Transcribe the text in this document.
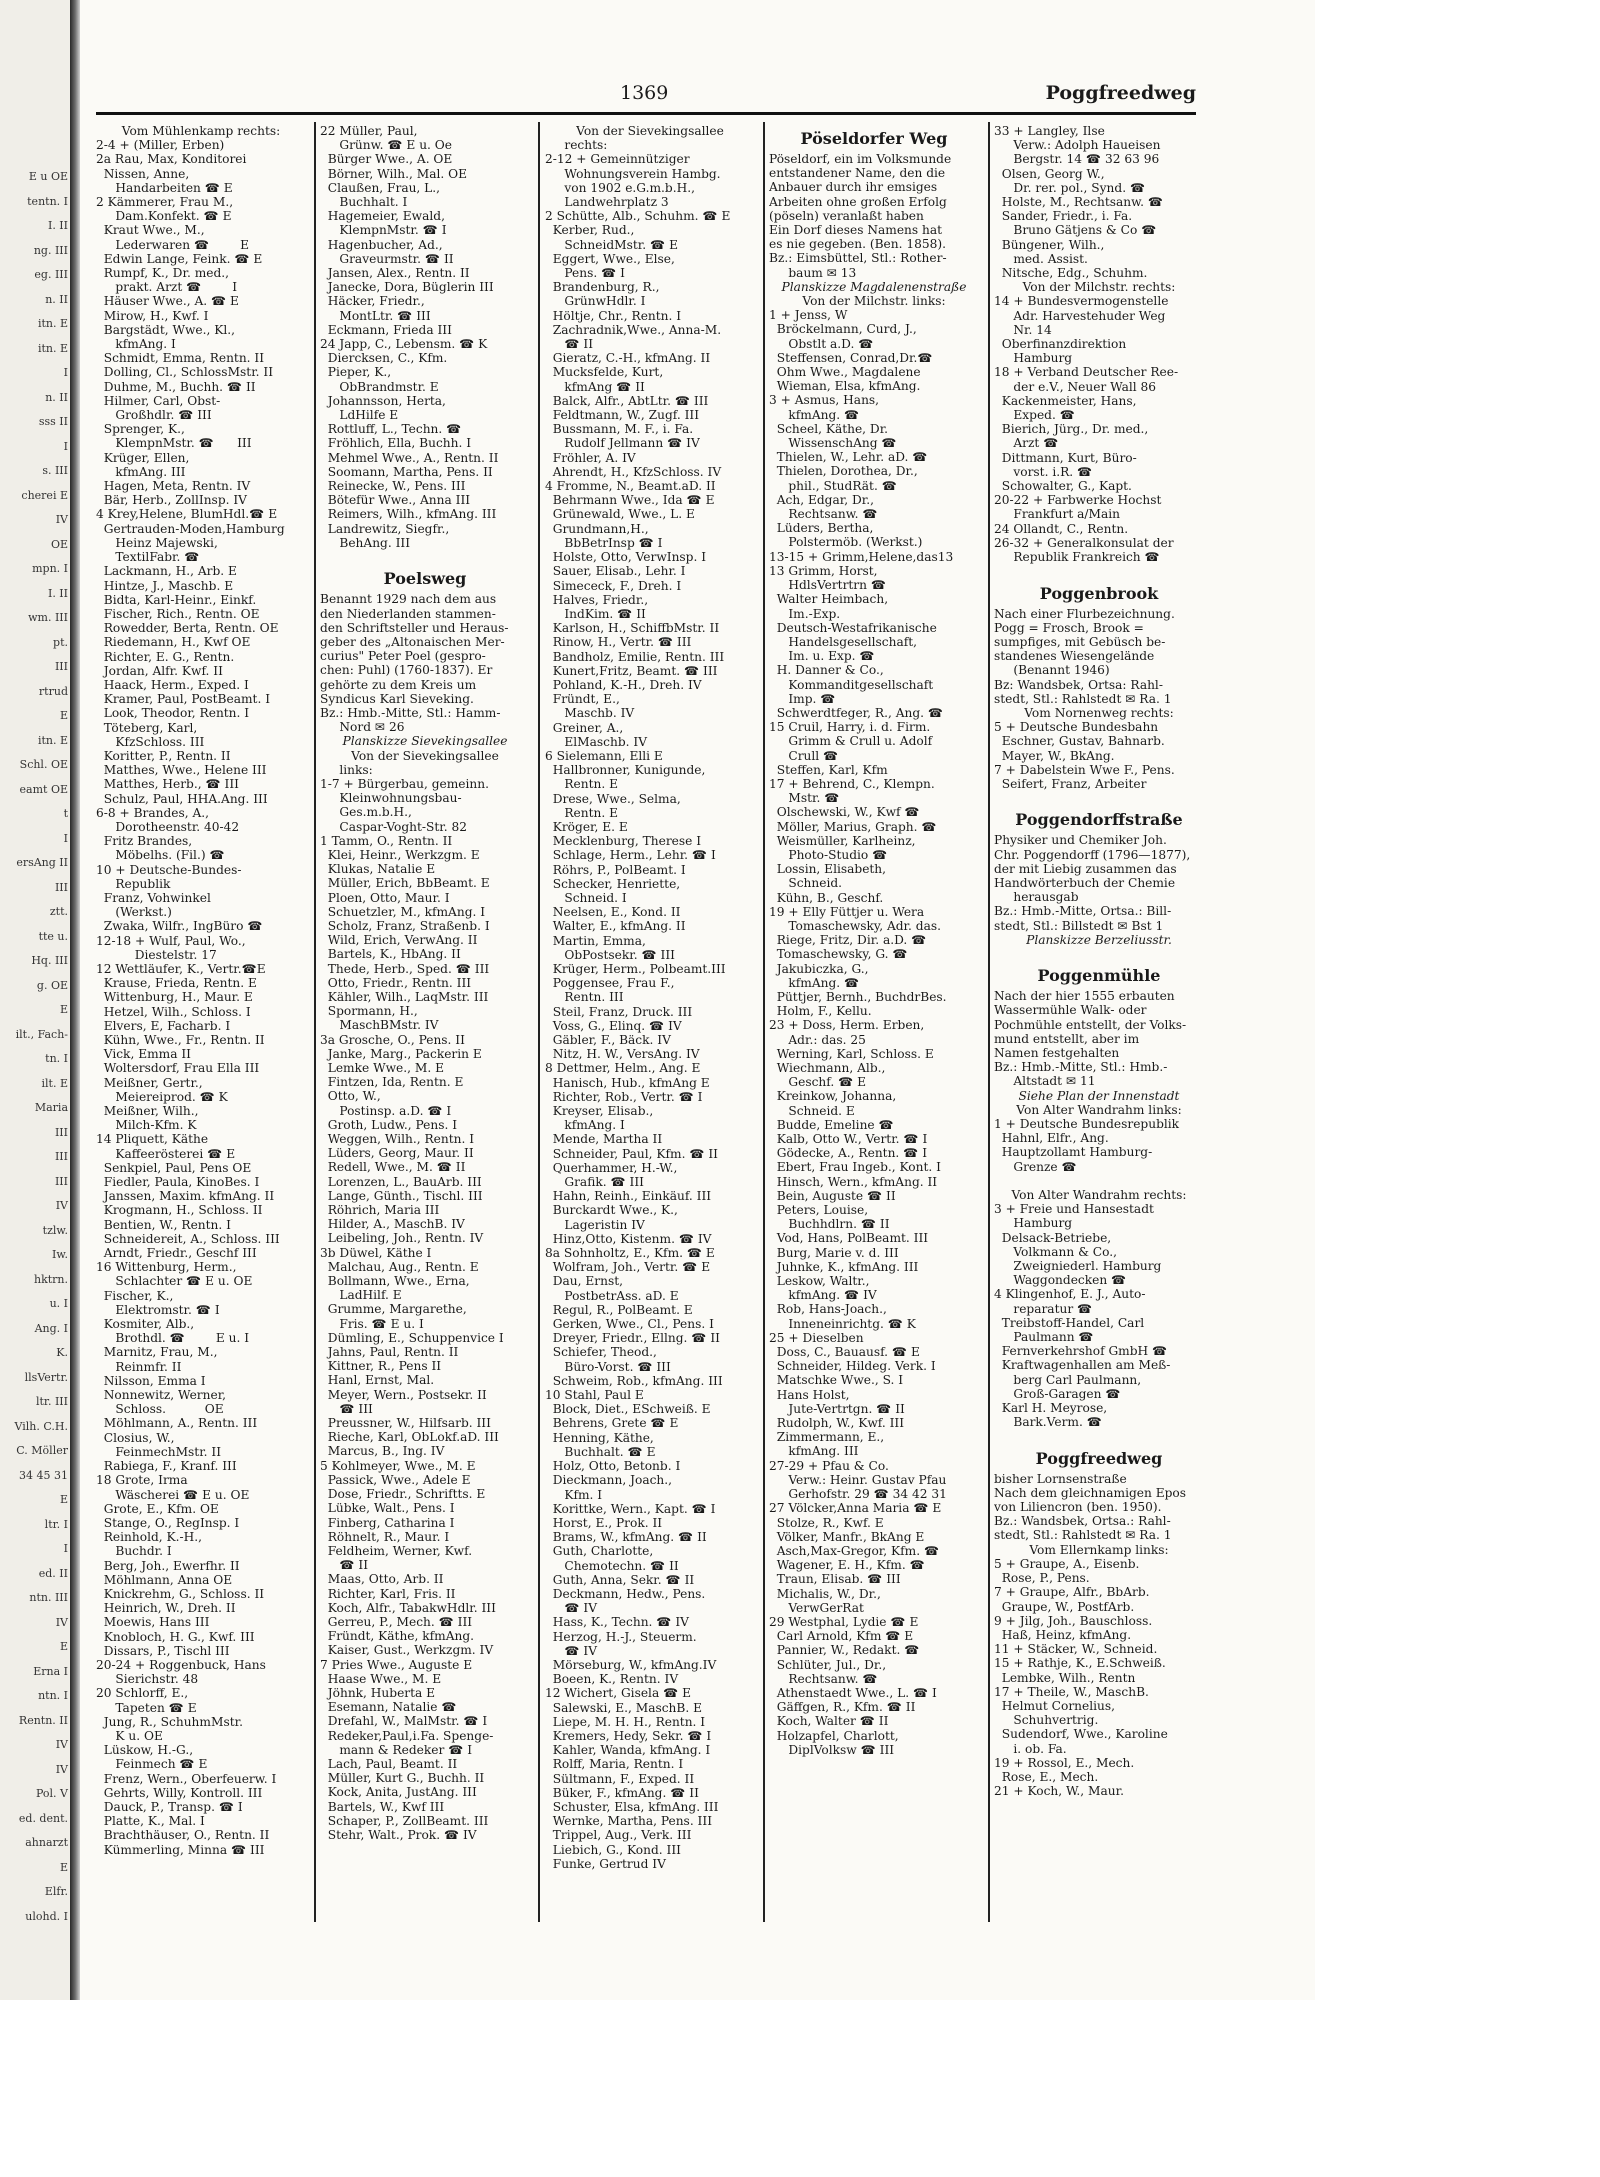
E u OE
tentn. I
I. II
ng. III
eg. III
n. II
itn. E
itn. E
I
n. II
sss II
I
s. III
cherei E
IV
OE
mpn. I
I. II
wm. III
pt.
III
rtrud
E
itn. E
Schl. OE
eamt OE
t
I
ersAng II
III
ztt.
tte u.
Hq. III
g. OE
E
ilt., Fach-
tn. I
ilt. E
Maria
III
III
III
IV
tzlw.
Iw.
hktrn.
u. I
Ang. I
K.
llsVertr.
ltr. III
Vilh. C.H.
C. Möller
34 45 31
E
ltr. I
I
ed. II
ntn. III
IV
E
Erna I
ntn. I
Rentn. II
IV
IV
Pol. V
ed. dent.
ahnarzt
E
Elfr.
ulohd. I
1369	Poggfreedweg
Vom Mühlenkamp rechts:
2-4 + (Miller, Erben)
2a Rau, Max, Konditorei
Nissen, Anne,
Handarbeiten ☎ E
2 Kämmerer, Frau M.,
Dam.Konfekt. ☎ E
Kraut Wwe., M.,
Lederwaren ☎        E
Edwin Lange, Feink. ☎ E
Rumpf, K., Dr. med.,
prakt. Arzt ☎        I
Häuser Wwe., A. ☎ E
Mirow, H., Kwf. I
Bargstädt, Wwe., Kl.,
kfmAng. I
Schmidt, Emma, Rentn. II
Dolling, Cl., SchlossMstr. II
Duhme, M., Buchh. ☎ II
Hilmer, Carl, Obst-
Großhdlr. ☎ III
Sprenger, K.,
KlempnMstr. ☎      III
Krüger, Ellen,
kfmAng. III
Hagen, Meta, Rentn. IV
Bär, Herb., ZollInsp. IV
4 Krey,Helene, BlumHdl.☎ E
Gertrauden-Moden,Hamburg
Heinz Majewski,
TextilFabr. ☎
Lackmann, H., Arb. E
Hintze, J., Maschb. E
Bidta, Karl-Heinr., Einkf.
Fischer, Rich., Rentn. OE
Rowedder, Berta, Rentn. OE
Riedemann, H., Kwf OE
Richter, E. G., Rentn.
Jordan, Alfr. Kwf. II
Haack, Herm., Exped. I
Kramer, Paul, PostBeamt. I
Look, Theodor, Rentn. I
Töteberg, Karl,
KfzSchloss. III
Koritter, P., Rentn. II
Matthes, Wwe., Helene III
Matthes, Herb., ☎ III
Schulz, Paul, HHA.Ang. III
6-8 + Brandes, A.,
Dorotheenstr. 40-42
Fritz Brandes,
Möbelhs. (Fil.) ☎
10 + Deutsche-Bundes-
Republik
Franz, Vohwinkel
(Werkst.)
Zwaka, Wilfr., IngBüro ☎
12-18 + Wulf, Paul, Wo.,
Diestelstr. 17
12 Wettläufer, K., Vertr.☎E
Krause, Frieda, Rentn. E
Wittenburg, H., Maur. E
Hetzel, Wilh., Schloss. I
Elvers, E, Facharb. I
Kühn, Wwe., Fr., Rentn. II
Vick, Emma II
Woltersdorf, Frau Ella III
Meißner, Gertr.,
Meiereiprod. ☎ K
Meißner, Wilh.,
Milch-Kfm. K
14 Pliquett, Käthe
Kaffeerösterei ☎ E
Senkpiel, Paul, Pens OE
Fiedler, Paula, KinoBes. I
Janssen, Maxim. kfmAng. II
Krogmann, H., Schloss. II
Bentien, W., Rentn. I
Schneidereit, A., Schloss. III
Arndt, Friedr., Geschf III
16 Wittenburg, Herm.,
Schlachter ☎ E u. OE
Fischer, K.,
Elektromstr. ☎ I
Kosmiter, Alb.,
Brothdl. ☎        E u. I
Marnitz, Frau, M.,
Reinmfr. II
Nilsson, Emma I
Nonnewitz, Werner,
Schloss.          OE
Möhlmann, A., Rentn. III
Closius, W.,
FeinmechMstr. II
Rabiega, F., Kranf. III
18 Grote, Irma
Wäscherei ☎ E u. OE
Grote, E., Kfm. OE
Stange, O., RegInsp. I
Reinhold, K.-H.,
Buchdr. I
Berg, Joh., Ewerfhr. II
Möhlmann, Anna OE
Knickrehm, G., Schloss. II
Heinrich, W., Dreh. II
Moewis, Hans III
Knobloch, H. G., Kwf. III
Dissars, P., Tischl III
20-24 + Roggenbuck, Hans
Sierichstr. 48
20 Schlorff, E.,
Tapeten ☎ E
Jung, R., SchuhmMstr.
K u. OE
Lüskow, H.-G.,
Feinmech ☎ E
Frenz, Wern., Oberfeuerw. I
Gehrts, Willy, Kontroll. III
Dauck, P., Transp. ☎ I
Platte, K., Mal. I
Brachthäuser, O., Rentn. II
Kümmerling, Minna ☎ III
22 Müller, Paul,
Grünw. ☎ E u. Oe
Bürger Wwe., A. OE
Börner, Wilh., Mal. OE
Claußen, Frau, L.,
Buchhalt. I
Hagemeier, Ewald,
KlempnMstr. ☎ I
Hagenbucher, Ad.,
Graveurmstr. ☎ II
Jansen, Alex., Rentn. II
Janecke, Dora, Büglerin III
Häcker, Friedr.,
MontLtr. ☎ III
Eckmann, Frieda III
24 Japp, C., Lebensm. ☎ K
Diercksen, C., Kfm.
Pieper, K.,
ObBrandmstr. E
Johannsson, Herta,
LdHilfe E
Rottluff, L., Techn. ☎
Fröhlich, Ella, Buchh. I
Mehmel Wwe., A., Rentn. II
Soomann, Martha, Pens. II
Reinecke, W., Pens. III
Bötefür Wwe., Anna III
Reimers, Wilh., kfmAng. III
Landrewitz, Siegfr.,
BehAng. III

Poelsweg
Benannt 1929 nach dem aus
den Niederlanden stammen-
den Schriftsteller und Heraus-
geber des „Altonaischen Mer-
curius" Peter Poel (gespro-
chen: Puhl) (1760-1837). Er
gehörte zu dem Kreis um
Syndicus Karl Sieveking.
Bz.: Hmb.-Mitte, Stl.: Hamm-
Nord ✉ 26
Planskizze Sievekingsallee
Von der Sievekingsallee
links:
1-7 + Bürgerbau, gemeinn.
Kleinwohnungsbau-
Ges.m.b.H.,
Caspar-Voght-Str. 82
1 Tamm, O., Rentn. II
Klei, Heinr., Werkzgm. E
Klukas, Natalie E
Müller, Erich, BbBeamt. E
Ploen, Otto, Maur. I
Schuetzler, M., kfmAng. I
Scholz, Franz, Straßenb. I
Wild, Erich, VerwAng. II
Bartels, K., HbAng. II
Thede, Herb., Sped. ☎ III
Otto, Friedr., Rentn. III
Kähler, Wilh., LaqMstr. III
Spormann, H.,
MaschBMstr. IV
3a Grosche, O., Pens. II
Janke, Marg., Packerin E
Lemke Wwe., M. E
Fintzen, Ida, Rentn. E
Otto, W.,
Postinsp. a.D. ☎ I
Groth, Ludw., Pens. I
Weggen, Wilh., Rentn. I
Lüders, Georg, Maur. II
Redell, Wwe., M. ☎ II
Lorenzen, L., BauArb. III
Lange, Günth., Tischl. III
Röhrich, Maria III
Hilder, A., MaschB. IV
Leibeling, Joh., Rentn. IV
3b Düwel, Käthe I
Malchau, Aug., Rentn. E
Bollmann, Wwe., Erna,
LadHilf. E
Grumme, Margarethe,
Fris. ☎ E u. I
Dümling, E., Schuppenvice I
Jahns, Paul, Rentn. II
Kittner, R., Pens II
Hanl, Ernst, Mal.
Meyer, Wern., Postsekr. II
☎ III
Preussner, W., Hilfsarb. III
Rieche, Karl, ObLokf.aD. III
Marcus, B., Ing. IV
5 Kohlmeyer, Wwe., M. E
Passick, Wwe., Adele E
Dose, Friedr., Schriftts. E
Lübke, Walt., Pens. I
Finberg, Catharina I
Röhnelt, R., Maur. I
Feldheim, Werner, Kwf.
☎ II
Maas, Otto, Arb. II
Richter, Karl, Fris. II
Koch, Alfr., TabakwHdlr. III
Gerreu, P., Mech. ☎ III
Fründt, Käthe, kfmAng.
Kaiser, Gust., Werkzgm. IV
7 Pries Wwe., Auguste E
Haase Wwe., M. E
Jöhnk, Huberta E
Esemann, Natalie ☎
Drefahl, W., MalMstr. ☎ I
Redeker,Paul,i.Fa. Spenge-
mann & Redeker ☎ I
Lach, Paul, Beamt. II
Müller, Kurt G., Buchh. II
Kock, Anita, JustAng. III
Bartels, W., Kwf III
Schaper, P., ZollBeamt. III
Stehr, Walt., Prok. ☎ IV
Von der Sievekingsallee
rechts:
2-12 + Gemeinnütziger
Wohnungsverein Hambg.
von 1902 e.G.m.b.H.,
Landwehrplatz 3
2 Schütte, Alb., Schuhm. ☎ E
Kerber, Rud.,
SchneidMstr. ☎ E
Eggert, Wwe., Else,
Pens. ☎ I
Brandenburg, R.,
GrünwHdlr. I
Höltje, Chr., Rentn. I
Zachradnik,Wwe., Anna-M.
☎ II
Gieratz, C.-H., kfmAng. II
Mucksfelde, Kurt,
kfmAng ☎ II
Balck, Alfr., AbtLtr. ☎ III
Feldtmann, W., Zugf. III
Bussmann, M. F., i. Fa.
Rudolf Jellmann ☎ IV
Fröhler, A. IV
Ahrendt, H., KfzSchloss. IV
4 Fromme, N., Beamt.aD. II
Behrmann Wwe., Ida ☎ E
Grünewald, Wwe., L. E
Grundmann,H.,
BbBetrInsp ☎ I
Holste, Otto, VerwInsp. I
Sauer, Elisab., Lehr. I
Simececk, F., Dreh. I
Halves, Friedr.,
IndKim. ☎ II
Karlson, H., SchiffbMstr. II
Rinow, H., Vertr. ☎ III
Bandholz, Emilie, Rentn. III
Kunert,Fritz, Beamt. ☎ III
Pohland, K.-H., Dreh. IV
Fründt, E.,
Maschb. IV
Greiner, A.,
ElMaschb. IV
6 Sielemann, Elli E
Hallbronner, Kunigunde,
Rentn. E
Drese, Wwe., Selma,
Rentn. E
Kröger, E. E
Mecklenburg, Therese I
Schlage, Herm., Lehr. ☎ I
Röhrs, P., PolBeamt. I
Schecker, Henriette,
Schneid. I
Neelsen, E., Kond. II
Walter, E., kfmAng. II
Martin, Emma,
ObPostsekr. ☎ III
Krüger, Herm., Polbeamt.III
Poggensee, Frau F.,
Rentn. III
Steil, Franz, Druck. III
Voss, G., Elinq. ☎ IV
Gäbler, F., Bäck. IV
Nitz, H. W., VersAng. IV
8 Dettmer, Helm., Ang. E
Hanisch, Hub., kfmAng E
Richter, Rob., Vertr. ☎ I
Kreyser, Elisab.,
kfmAng. I
Mende, Martha II
Schneider, Paul, Kfm. ☎ II
Querhammer, H.-W.,
Grafik. ☎ III
Hahn, Reinh., Einkäuf. III
Burckardt Wwe., K.,
Lageristin IV
Hinz,Otto, Kistenm. ☎ IV
8a Sohnholtz, E., Kfm. ☎ E
Wolfram, Joh., Vertr. ☎ E
Dau, Ernst,
PostbetrAss. aD. E
Regul, R., PolBeamt. E
Gerken, Wwe., Cl., Pens. I
Dreyer, Friedr., Ellng. ☎ II
Schiefer, Theod.,
Büro-Vorst. ☎ III
Schweim, Rob., kfmAng. III
10 Stahl, Paul E
Block, Diet., ESchweiß. E
Behrens, Grete ☎ E
Henning, Käthe,
Buchhalt. ☎ E
Holz, Otto, Betonb. I
Dieckmann, Joach.,
Kfm. I
Korittke, Wern., Kapt. ☎ I
Horst, E., Prok. II
Brams, W., kfmAng. ☎ II
Guth, Charlotte,
Chemotechn. ☎ II
Guth, Anna, Sekr. ☎ II
Deckmann, Hedw., Pens.
☎ IV
Hass, K., Techn. ☎ IV
Herzog, H.-J., Steuerm.
☎ IV
Mörseburg, W., kfmAng.IV
Boeen, K., Rentn. IV
12 Wichert, Gisela ☎ E
Salewski, E., MaschB. E
Liepe, M. H. H., Rentn. I
Kremers, Hedy, Sekr. ☎ I
Kahler, Wanda, kfmAng. I
Rolff, Maria, Rentn. I
Sültmann, F., Exped. II
Büker, F., kfmAng. ☎ II
Schuster, Elsa, kfmAng. III
Wernke, Martha, Pens. III
Trippel, Aug., Verk. III
Liebich, G., Kond. III
Funke, Gertrud IV
Pöseldorfer Weg
Pöseldorf, ein im Volksmunde
entstandener Name, den die
Anbauer durch ihr emsiges
Arbeiten ohne großen Erfolg
(pöseln) veranlaßt haben
Ein Dorf dieses Namens hat
es nie gegeben. (Ben. 1858).
Bz.: Eimsbüttel, Stl.: Rother-
baum ✉ 13
Planskizze Magdalenenstraße
Von der Milchstr. links:
1 + Jenss, W
Bröckelmann, Curd, J.,
Obstlt a.D. ☎
Steffensen, Conrad,Dr.☎
Ohm Wwe., Magdalene
Wieman, Elsa, kfmAng.
3 + Asmus, Hans,
kfmAng. ☎
Scheel, Käthe, Dr.
WissenschAng ☎
Thielen, W., Lehr. aD. ☎
Thielen, Dorothea, Dr.,
phil., StudRät. ☎
Ach, Edgar, Dr.,
Rechtsanw. ☎
Lüders, Bertha,
Polstermöb. (Werkst.)
13-15 + Grimm,Helene,das13
13 Grimm, Horst,
HdlsVertrtrn ☎
Walter Heimbach,
Im.-Exp.
Deutsch-Westafrikanische
Handelsgesellschaft,
Im. u. Exp. ☎
H. Danner & Co.,
Kommanditgesellschaft
Imp. ☎
Schwerdtfeger, R., Ang. ☎
15 Cruil, Harry, i. d. Firm.
Grimm & Crull u. Adolf
Crull ☎
Steffen, Karl, Kfm
17 + Behrend, C., Klempn.
Mstr. ☎
Olschewski, W., Kwf ☎
Möller, Marius, Graph. ☎
Weismüller, Karlheinz,
Photo-Studio ☎
Lossin, Elisabeth,
Schneid.
Kühn, B., Geschf.
19 + Elly Füttjer u. Wera
Tomaschewsky, Adr. das.
Riege, Fritz, Dir. a.D. ☎
Tomaschewsky, G. ☎
Jakubiczka, G.,
kfmAng. ☎
Püttjer, Bernh., BuchdrBes.
Holm, F., Kellu.
23 + Doss, Herm. Erben,
Adr.: das. 25
Werning, Karl, Schloss. E
Wiechmann, Alb.,
Geschf. ☎ E
Kreinkow, Johanna,
Schneid. E
Budde, Emeline ☎
Kalb, Otto W., Vertr. ☎ I
Gödecke, A., Rentn. ☎ I
Ebert, Frau Ingeb., Kont. I
Hinsch, Wern., kfmAng. II
Bein, Auguste ☎ II
Peters, Louise,
Buchhdlrn. ☎ II
Vod, Hans, PolBeamt. III
Burg, Marie v. d. III
Juhnke, K., kfmAng. III
Leskow, Waltr.,
kfmAng. ☎ IV
Rob, Hans-Joach.,
Inneneinrichtg. ☎ K
25 + Dieselben
Doss, C., Bauausf. ☎ E
Schneider, Hildeg. Verk. I
Matschke Wwe., S. I
Hans Holst,
Jute-Vertrtgn. ☎ II
Rudolph, W., Kwf. III
Zimmermann, E.,
kfmAng. III
27-29 + Pfau & Co.
Verw.: Heinr. Gustav Pfau
Gerhofstr. 29 ☎ 34 42 31
27 Völcker,Anna Maria ☎ E
Stolze, R., Kwf. E
Völker, Manfr., BkAng E
Asch,Max-Gregor, Kfm. ☎
Wagener, E. H., Kfm. ☎
Traun, Elisab. ☎ III
Michalis, W., Dr.,
VerwGerRat
29 Westphal, Lydie ☎ E
Carl Arnold, Kfm ☎ E
Pannier, W., Redakt. ☎
Schlüter, Jul., Dr.,
Rechtsanw. ☎
Athenstaedt Wwe., L. ☎ I
Gäffgen, R., Kfm. ☎ II
Koch, Walter ☎ II
Holzapfel, Charlott,
DiplVolksw ☎ III
33 + Langley, Ilse
Verw.: Adolph Haueisen
Bergstr. 14 ☎ 32 63 96
Olsen, Georg W.,
Dr. rer. pol., Synd. ☎
Holste, M., Rechtsanw. ☎
Sander, Friedr., i. Fa.
Bruno Gätjens & Co ☎
Büngener, Wilh.,
med. Assist.
Nitsche, Edg., Schuhm.
Von der Milchstr. rechts:
14 + Bundesvermogenstelle
Adr. Harvestehuder Weg
Nr. 14
Oberfinanzdirektion
Hamburg
18 + Verband Deutscher Ree-
der e.V., Neuer Wall 86
Kackenmeister, Hans,
Exped. ☎
Bierich, Jürg., Dr. med.,
Arzt ☎
Dittmann, Kurt, Büro-
vorst. i.R. ☎
Schowalter, G., Kapt.
20-22 + Farbwerke Hochst
Frankfurt a/Main
24 Ollandt, C., Rentn.
26-32 + Generalkonsulat der
Republik Frankreich ☎

Poggenbrook
Nach einer Flurbezeichnung.
Pogg = Frosch, Brook =
sumpfiges, mit Gebüsch be-
standenes Wiesengelände
(Benannt 1946)
Bz: Wandsbek, Ortsa: Rahl-
stedt, Stl.: Rahlstedt ✉ Ra. 1
Vom Nornenweg rechts:
5 + Deutsche Bundesbahn
Eschner, Gustav, Bahnarb.
Mayer, W., BkAng.
7 + Dabelstein Wwe F., Pens.
Seifert, Franz, Arbeiter

Poggendorffstraße
Physiker und Chemiker Joh.
Chr. Poggendorff (1796—1877),
der mit Liebig zusammen das
Handwörterbuch der Chemie
herausgab
Bz.: Hmb.-Mitte, Ortsa.: Bill-
stedt, Stl.: Billstedt ✉ Bst 1
Planskizze Berzeliusstr.

Poggenmühle
Nach der hier 1555 erbauten
Wassermühle Walk- oder
Pochmühle entstellt, der Volks-
mund entstellt, aber im
Namen festgehalten
Bz.: Hmb.-Mitte, Stl.: Hmb.-
Altstadt ✉ 11
Siehe Plan der Innenstadt
Von Alter Wandrahm links:
1 + Deutsche Bundesrepublik
Hahnl, Elfr., Ang.
Hauptzollamt Hamburg-
Grenze ☎

Von Alter Wandrahm rechts:
3 + Freie und Hansestadt
Hamburg
Delsack-Betriebe,
Volkmann & Co.,
Zweigniederl. Hamburg
Waggondecken ☎
4 Klingenhof, E. J., Auto-
reparatur ☎
Treibstoff-Handel, Carl
Paulmann ☎
Fernverkehrshof GmbH ☎
Kraftwagenhallen am Meß-
berg Carl Paulmann,
Groß-Garagen ☎
Karl H. Meyrose,
Bark.Verm. ☎

Poggfreedweg
bisher Lornsenstraße
Nach dem gleichnamigen Epos
von Liliencron (ben. 1950).
Bz.: Wandsbek, Ortsa.: Rahl-
stedt, Stl.: Rahlstedt ✉ Ra. 1
Vom Ellernkamp links:
5 + Graupe, A., Eisenb.
Rose, P., Pens.
7 + Graupe, Alfr., BbArb.
Graupe, W., PostfArb.
9 + Jilg, Joh., Bauschloss.
Haß, Heinz, kfmAng.
11 + Stäcker, W., Schneid.
15 + Rathje, K., E.Schweiß.
Lembke, Wilh., Rentn
17 + Theile, W., MaschB.
Helmut Cornelius,
Schuhvertrig.
Sudendorf, Wwe., Karoline
i. ob. Fa.
19 + Rossol, E., Mech.
Rose, E., Mech.
21 + Koch, W., Maur.
